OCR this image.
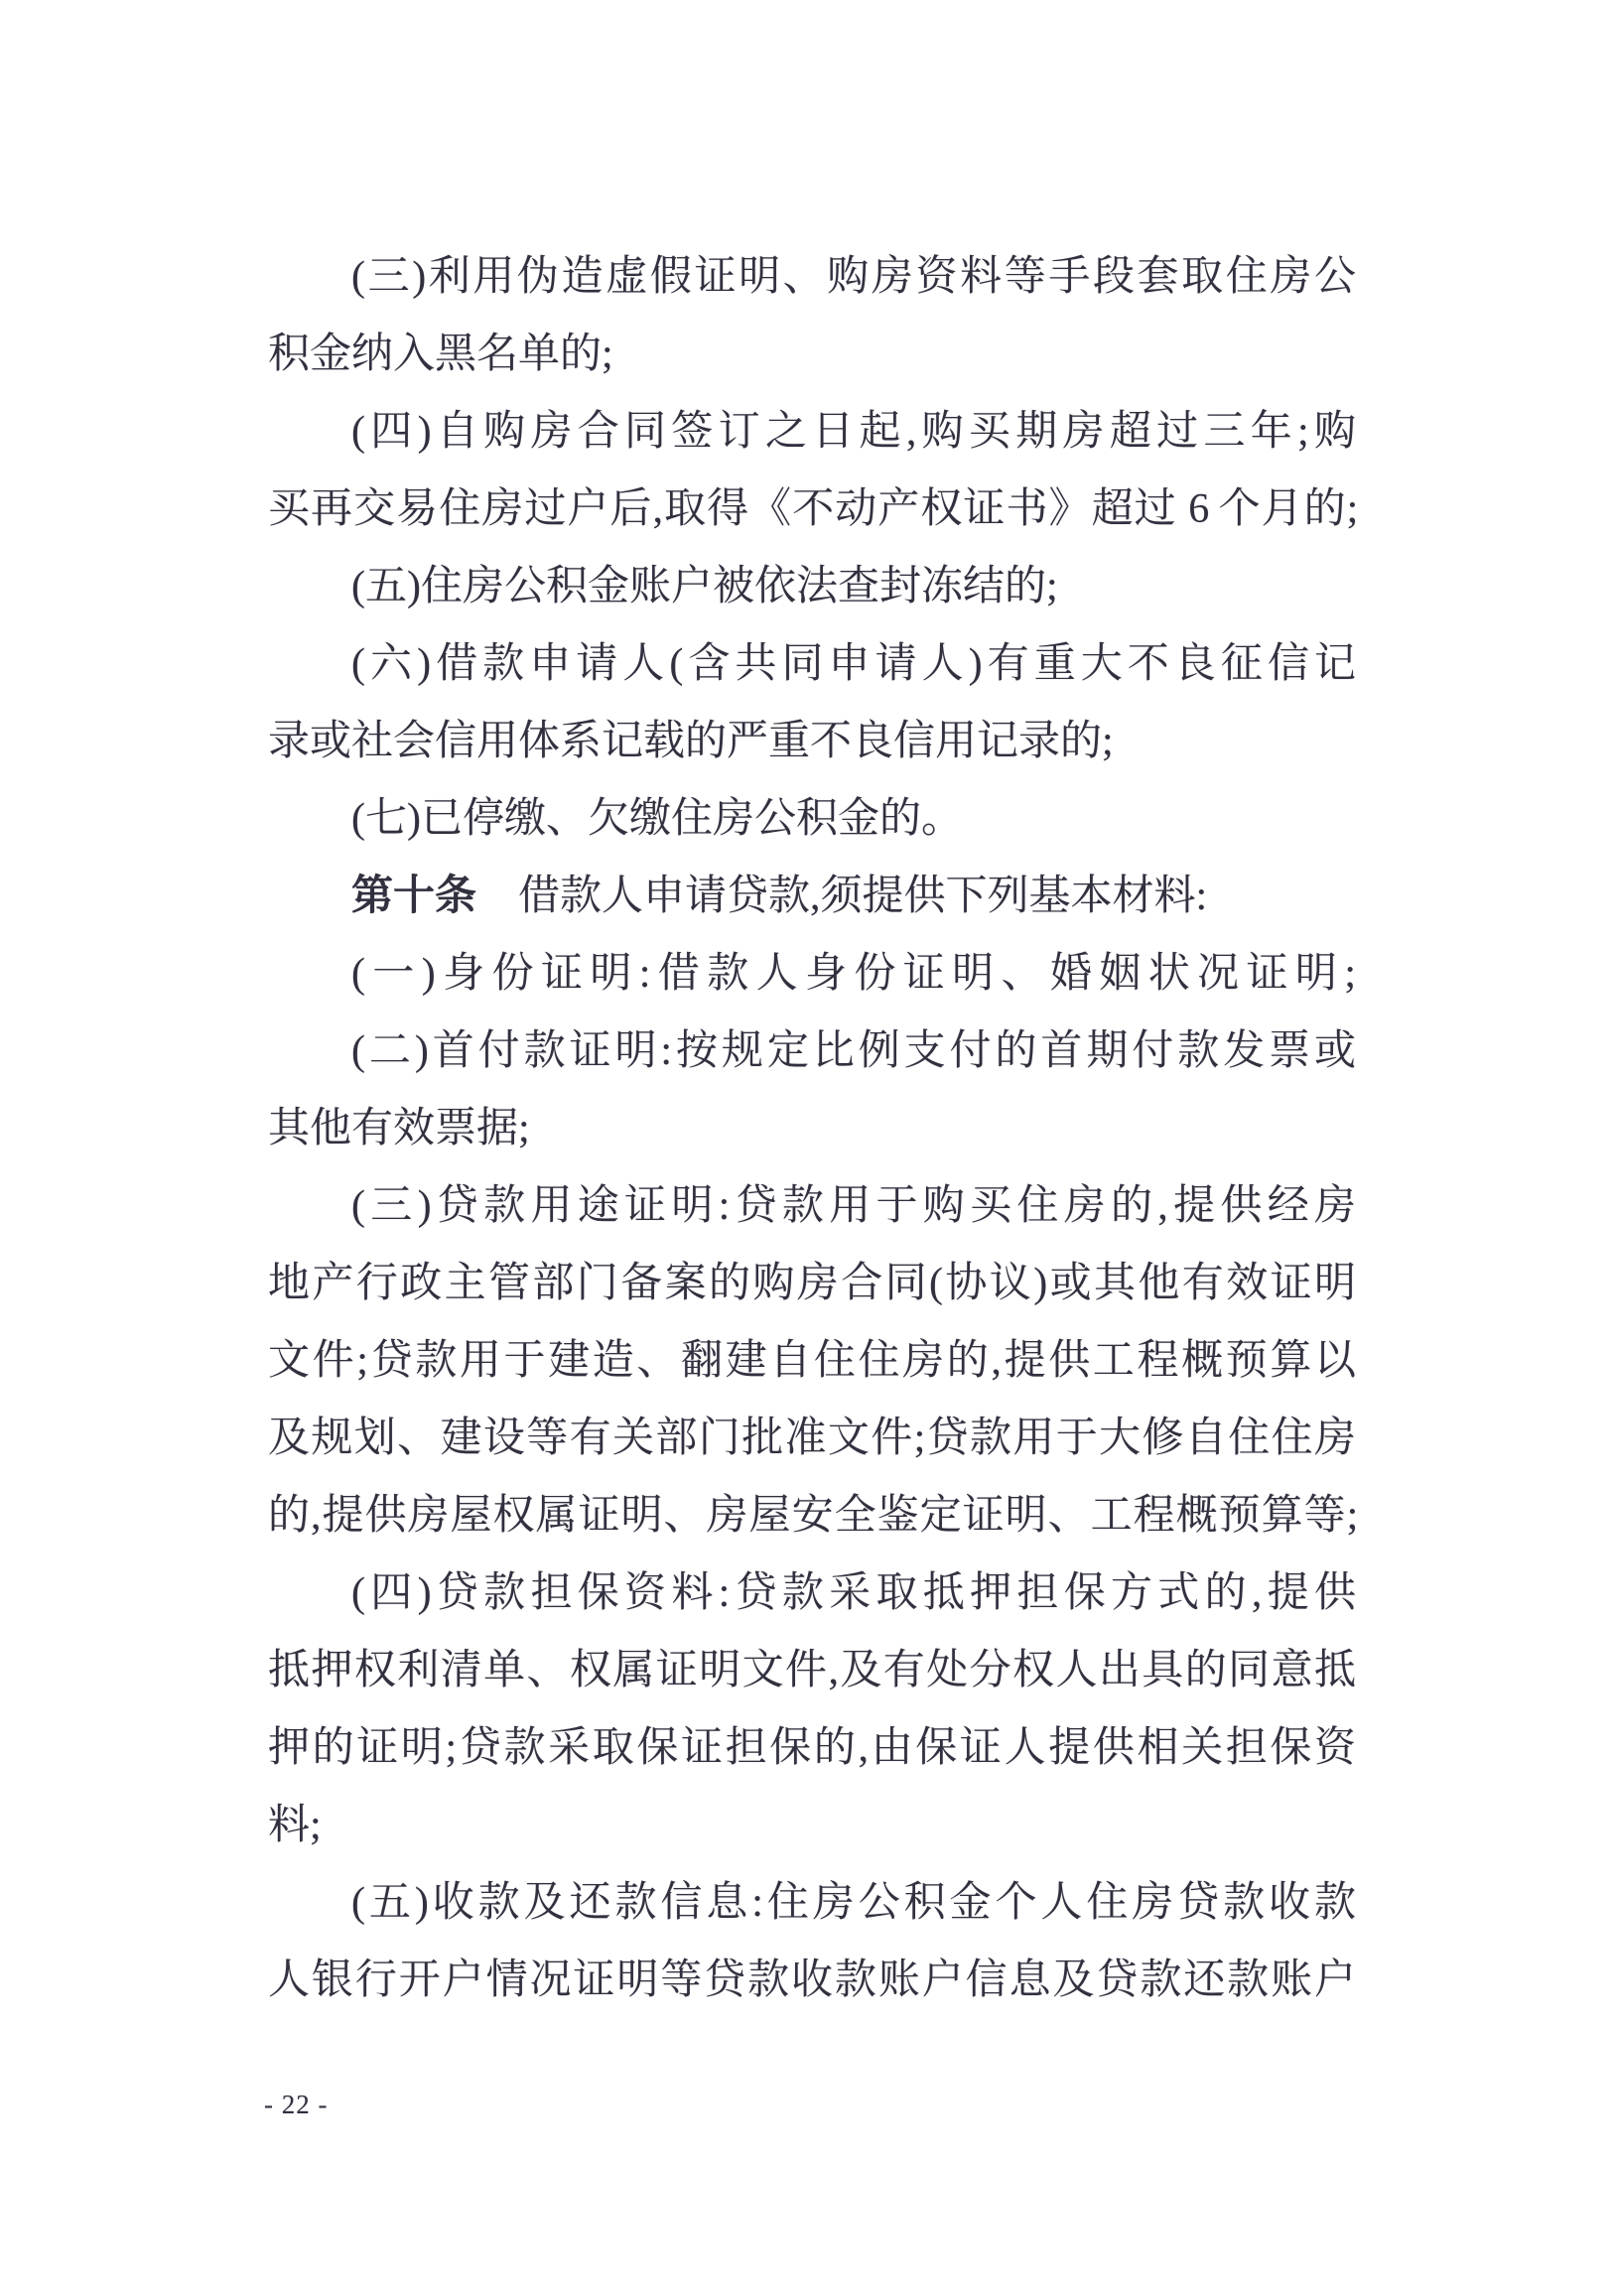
(三)利用伪造虚假证明、购房资料等手段套取住房公
积金纳入黑名单的;
(四)自购房合同签订之日起,购买期房超过三年;购
买再交易住房过户后,取得《不动产权证书》超过 6 个月的;
(五)住房公积金账户被依法查封冻结的;
(六)借款申请人(含共同申请人)有重大不良征信记
录或社会信用体系记载的严重不良信用记录的;
(七)已停缴、欠缴住房公积金的。
第十条　借款人申请贷款,须提供下列基本材料:
(一)身份证明:借款人身份证明、婚姻状况证明;
(二)首付款证明:按规定比例支付的首期付款发票或
其他有效票据;
(三)贷款用途证明:贷款用于购买住房的,提供经房
地产行政主管部门备案的购房合同(协议)或其他有效证明
文件;贷款用于建造、翻建自住住房的,提供工程概预算以
及规划、建设等有关部门批准文件;贷款用于大修自住住房
的,提供房屋权属证明、房屋安全鉴定证明、工程概预算等;
(四)贷款担保资料:贷款采取抵押担保方式的,提供
抵押权利清单、权属证明文件,及有处分权人出具的同意抵
押的证明;贷款采取保证担保的,由保证人提供相关担保资
料;
(五)收款及还款信息:住房公积金个人住房贷款收款
人银行开户情况证明等贷款收款账户信息及贷款还款账户
- 22 -
